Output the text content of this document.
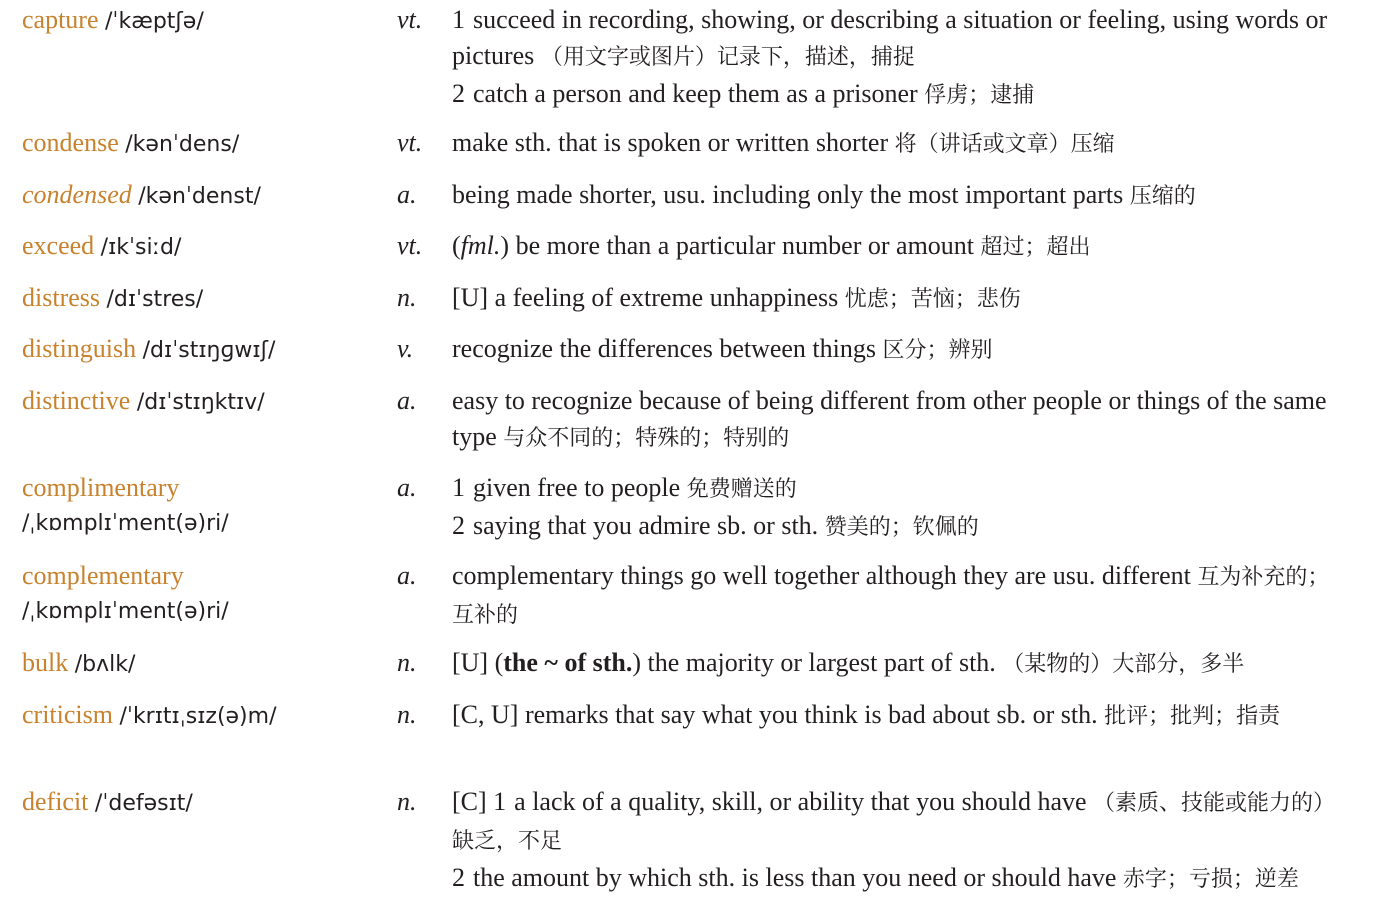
capture /ˈkæptʃə/	vt.	1 succeed in recording, showing, or describing a situation or feeling, using words or pictures （用文字或图片）记录下，描述，捕捉
2 catch a person and keep them as a prisoner 俘虏；逮捕
condense /kənˈdens/	vt.	make sth. that is spoken or written shorter 将（讲话或文章）压缩
condensed /kənˈdenst/	a.	being made shorter, usu. including only the most important parts 压缩的
exceed /ɪkˈsiːd/	vt.	(fml.) be more than a particular number or amount 超过；超出
distress /dɪˈstres/	n.	[U] a feeling of extreme unhappiness 忧虑；苦恼；悲伤
distinguish /dɪˈstɪŋɡwɪʃ/	v.	recognize the differences between things 区分；辨别
distinctive /dɪˈstɪŋktɪv/	a.	easy to recognize because of being different from other people or things of the same type 与众不同的；特殊的；特别的
complimentary
/ˌkɒmplɪˈment(ə)ri/
a.	1 given free to people 免费赠送的
2 saying that you admire sb. or sth. 赞美的；钦佩的
complementary
/ˌkɒmplɪˈment(ə)ri/
a.	complementary things go well together although they are usu. different 互为补充的；互补的
bulk /bʌlk/	n.	[U] (the ~ of sth.) the majority or largest part of sth. （某物的）大部分，多半
criticism /ˈkrɪtɪˌsɪz(ə)m/	n.	[C, U] remarks that say what you think is bad about sb. or sth. 批评；批判；指责
deficit /ˈdefəsɪt/	n.	[C] 1 a lack of a quality, skill, or ability that you should have （素质、技能或能力的）缺乏，不足
2 the amount by which sth. is less than you need or should have 赤字；亏损；逆差
